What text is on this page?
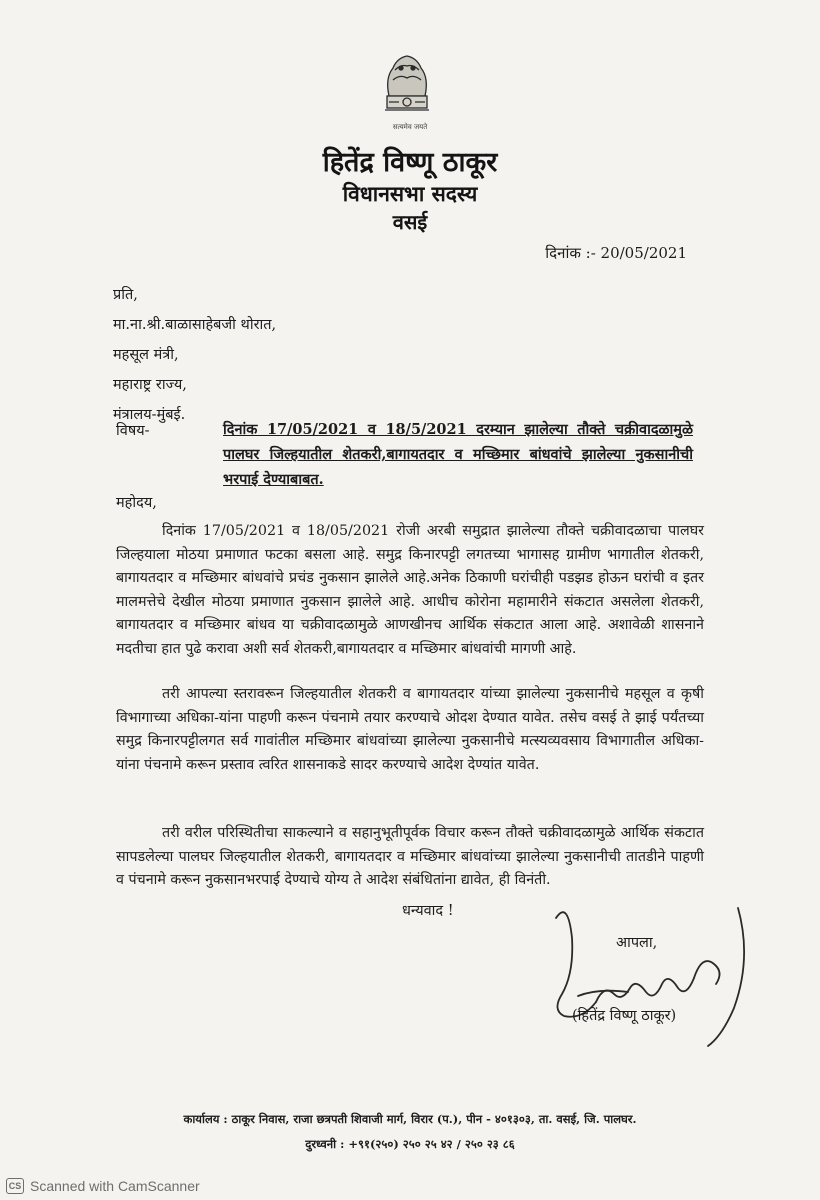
सत्यमेव जयते
हितेंद्र विष्णू ठाकूर
विधानसभा सदस्य
वसई
दिनांक :- 20/05/2021
प्रति,
मा.ना.श्री.बाळासाहेबजी थोरात,
महसूल मंत्री,
महाराष्ट्र राज्य,
मंत्रालय-मुंबई.
विषय-	दिनांक 17/05/2021 व 18/5/2021 दरम्यान झालेल्या तौक्ते चक्रीवादळामुळे पालघर जिल्हयातील शेतकरी,बागायतदार व मच्छिमार बांधवांचे झालेल्या नुकसानीची भरपाई देण्याबाबत.
महोदय,
दिनांक 17/05/2021 व 18/05/2021 रोजी अरबी समुद्रात झालेल्या तौक्ते चक्रीवादळाचा पालघर जिल्हयाला मोठया प्रमाणात फटका बसला आहे. समुद्र किनारपट्टी लगतच्या भागासह ग्रामीण भागातील शेतकरी, बागायतदार व मच्छिमार बांधवांचे प्रचंड नुकसान झालेले आहे.अनेक ठिकाणी घरांचीही पडझड होऊन घरांची व इतर मालमत्तेचे देखील मोठया प्रमाणात नुकसान झालेले आहे. आधीच कोरोना महामारीने संकटात असलेला शेतकरी, बागायतदार व मच्छिमार बांधव या चक्रीवादळामुळे आणखीनच आर्थिक संकटात आला आहे. अशावेळी शासनाने मदतीचा हात पुढे करावा अशी सर्व शेतकरी,बागायतदार व मच्छिमार बांधवांची मागणी आहे.
तरी आपल्या स्तरावरून जिल्हयातील शेतकरी व बागायतदार यांच्या झालेल्या नुकसानीचे महसूल व कृषी विभागाच्या अधिका-यांना पाहणी करून पंचनामे तयार करण्याचे ओदश देण्यात यावेत. तसेच वसई ते झाई पर्यंतच्या समुद्र किनारपट्टीलगत सर्व गावांतील मच्छिमार बांधवांच्या झालेल्या नुकसानीचे मत्स्यव्यवसाय विभागातील अधिका-यांना पंचनामे करून प्रस्ताव त्वरित शासनाकडे सादर करण्याचे आदेश देण्यांत यावेत.
तरी वरील परिस्थितीचा साकल्याने व सहानुभूतीपूर्वक विचार करून तौक्ते चक्रीवादळामुळे आर्थिक संकटात सापडलेल्या पालघर जिल्हयातील शेतकरी, बागायतदार व मच्छिमार बांधवांच्या झालेल्या नुकसानीची तातडीने पाहणी व पंचनामे करून नुकसानभरपाई देण्याचे योग्य ते आदेश संबंधितांना द्यावेत, ही विनंती.
धन्यवाद !
आपला,
(हितेंद्र विष्णू ठाकूर)
कार्यालय : ठाकूर निवास, राजा छत्रपती शिवाजी मार्ग, विरार (प.), पीन - ४०१३०३, ता. वसई, जि. पालघर.
दुरध्वनी : +९१(२५०) २५० २५ ४२ / २५० २३ ८६
CS Scanned with CamScanner
